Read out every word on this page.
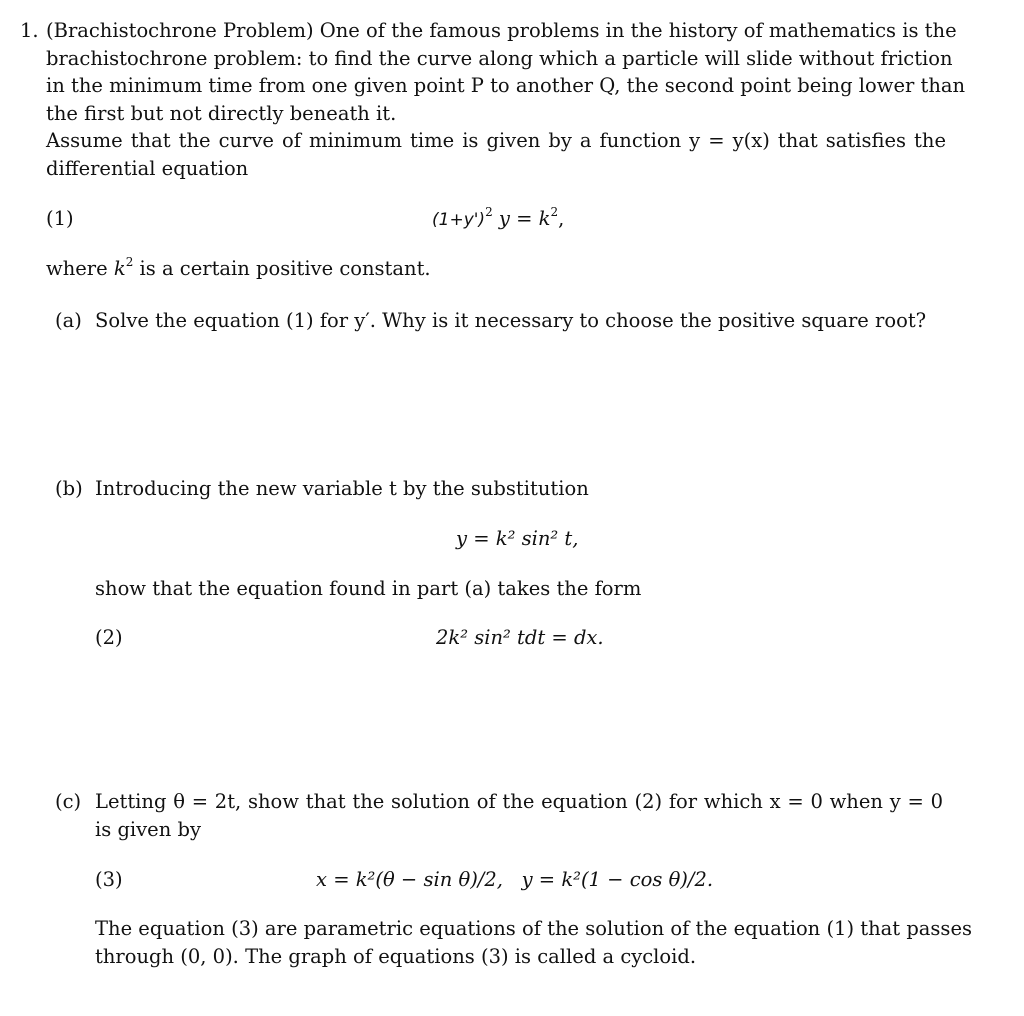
1. (Brachistochrone Problem) One of the famous problems in the history of mathematics is the
brachistochrone problem: to find the curve along which a particle will slide without friction
in the minimum time from one given point P to another Q, the second point being lower than
the first but not directly beneath it.
Assume that the curve of minimum time is given by a function y = y(x) that satisfies the
differential equation
(1)	$(1+y')^2$ $y = k^2$,
where $k^2$ is a certain positive constant.
(a) Solve the equation (1) for y′. Why is it necessary to choose the positive square root?
(b) Introducing the new variable t by the substitution
y = k² sin² t,
show that the equation found in part (a) takes the form
(2)	2k² sin² tdt = dx.
(c) Letting θ = 2t, show that the solution of the equation (2) for which x = 0 when y = 0
is given by
(3)	x = k²(θ − sin θ)/2,   y = k²(1 − cos θ)/2.
The equation (3) are parametric equations of the solution of the equation (1) that passes
through (0, 0). The graph of equations (3) is called a cycloid.
